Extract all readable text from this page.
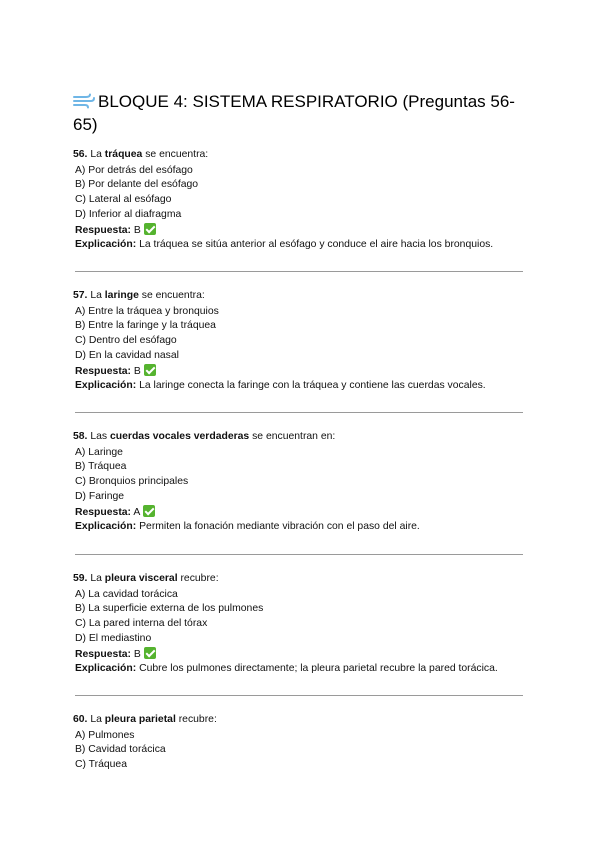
BLOQUE 4: SISTEMA RESPIRATORIO (Preguntas 56-65)

56. La tráquea se encuentra:

A) Por detrás del esófago

B) Por delante del esófago

C) Lateral al esófago

D) Inferior al diafragma

Respuesta: B

Explicación: La tráquea se sitúa anterior al esófago y conduce el aire hacia los bronquios.

57. La laringe se encuentra:

A) Entre la tráquea y bronquios

B) Entre la faringe y la tráquea

C) Dentro del esófago

D) En la cavidad nasal

Respuesta: B

Explicación: La laringe conecta la faringe con la tráquea y contiene las cuerdas vocales.

58. Las cuerdas vocales verdaderas se encuentran en:

A) Laringe

B) Tráquea

C) Bronquios principales

D) Faringe

Respuesta: A

Explicación: Permiten la fonación mediante vibración con el paso del aire.

59. La pleura visceral recubre:

A) La cavidad torácica

B) La superficie externa de los pulmones

C) La pared interna del tórax

D) El mediastino

Respuesta: B

Explicación: Cubre los pulmones directamente; la pleura parietal recubre la pared torácica.

60. La pleura parietal recubre:

A) Pulmones

B) Cavidad torácica

C) Tráquea
